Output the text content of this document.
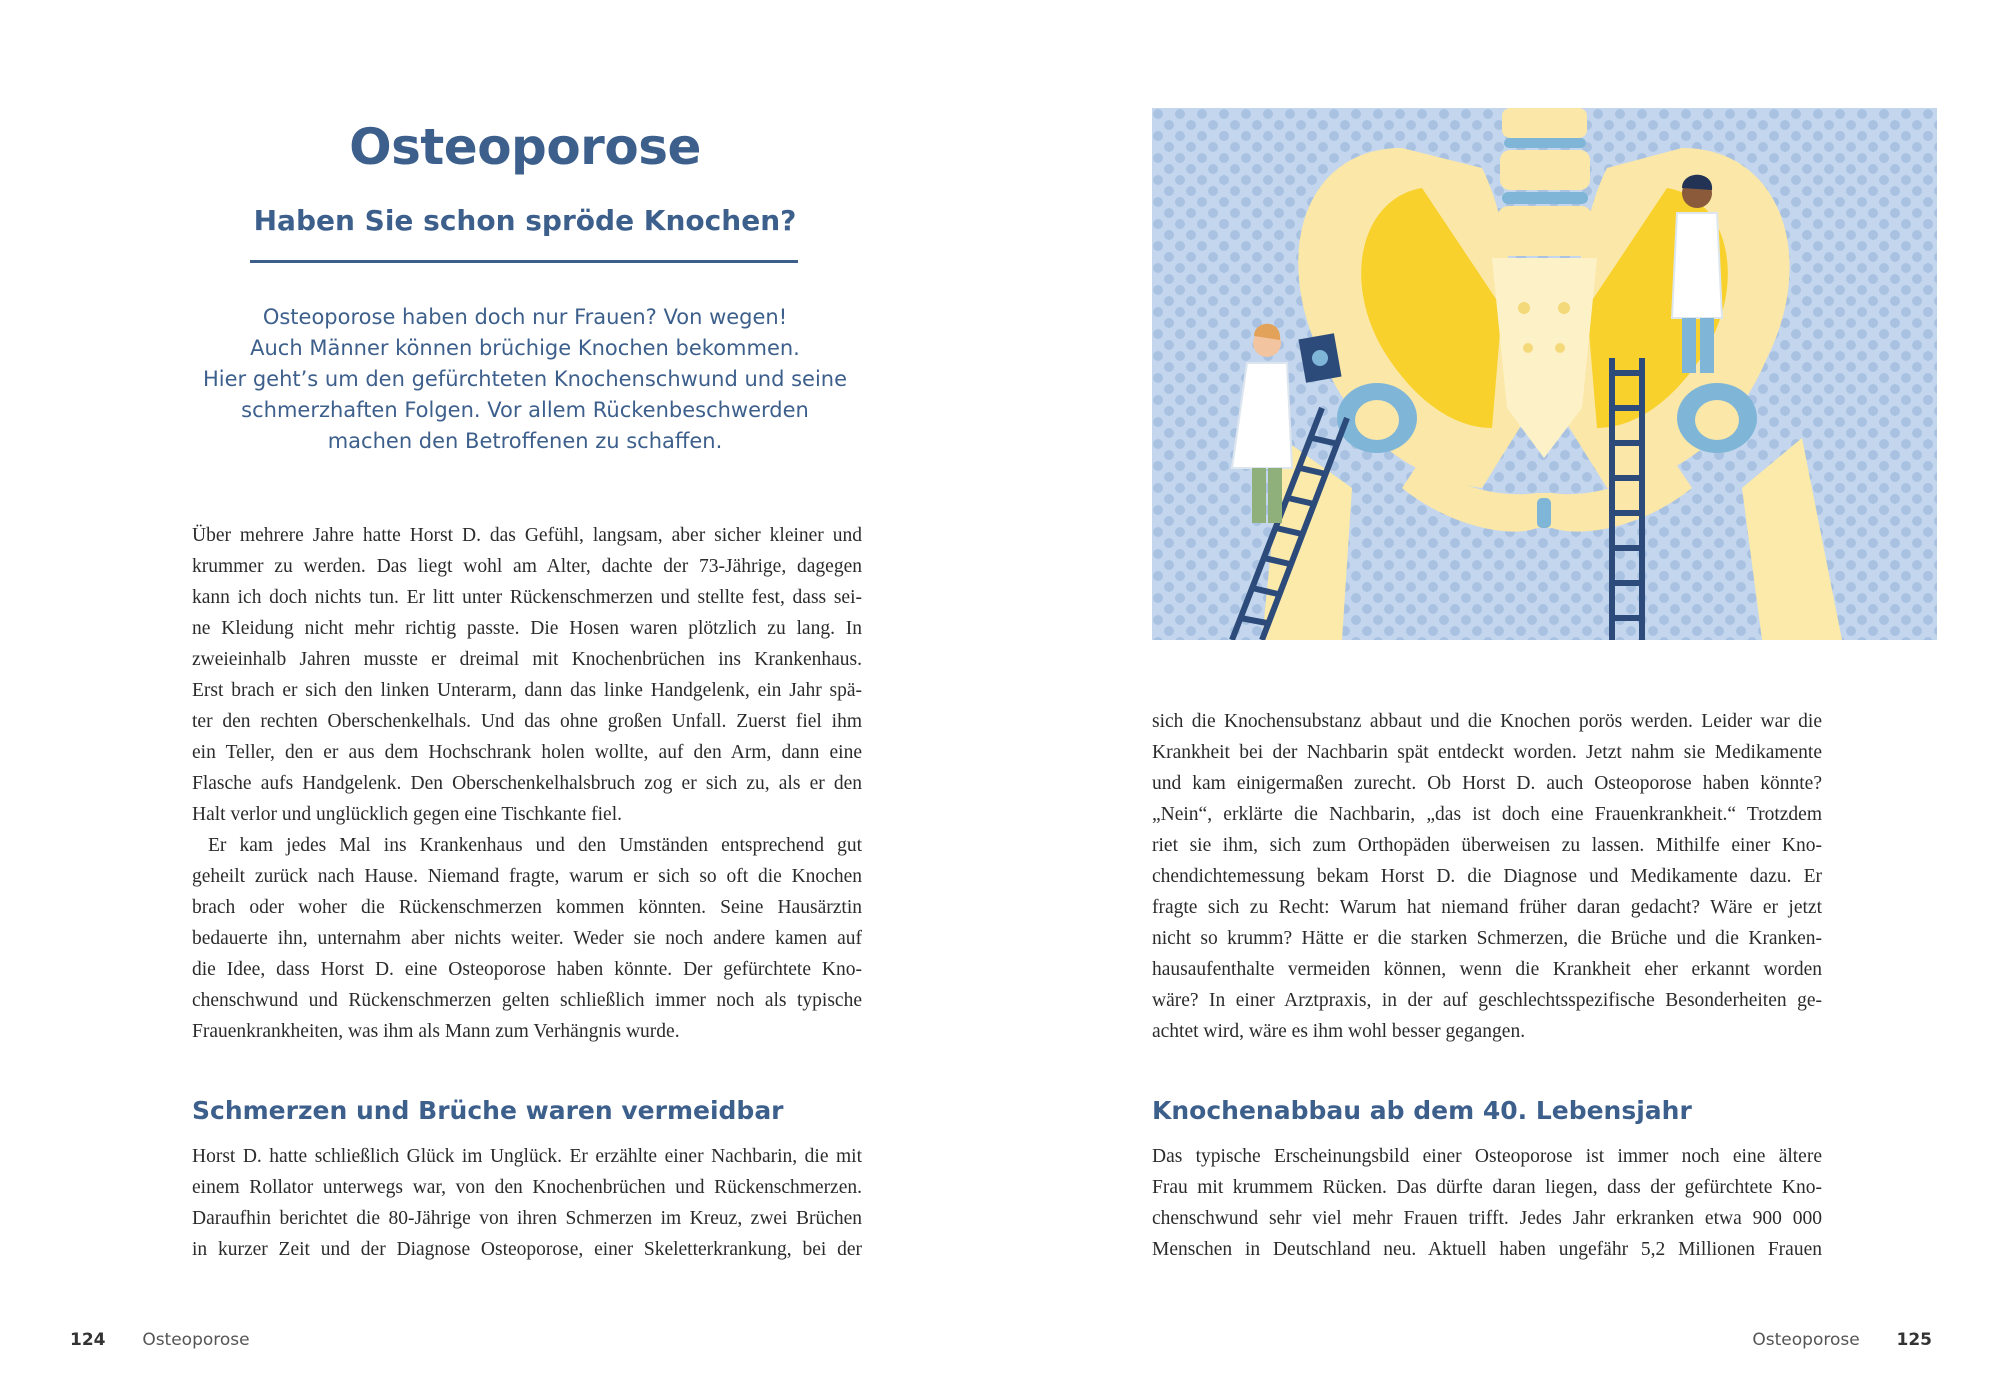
Osteoporose
Haben Sie schon spröde Knochen?
Osteoporose haben doch nur Frauen? Von wegen!
Auch Männer können brüchige Knochen bekommen.
Hier geht’s um den gefürchteten Knochenschwund und seine
schmerzhaften Folgen. Vor allem Rückenbeschwerden
machen den Betroffenen zu schaffen.
Über mehrere Jahre hatte Horst D. das Gefühl, langsam, aber sicher kleiner und
krummer zu werden. Das liegt wohl am Alter, dachte der 73-Jährige, dagegen
kann ich doch nichts tun. Er litt unter Rückenschmerzen und stellte fest, dass sei-
ne Kleidung nicht mehr richtig passte. Die Hosen waren plötzlich zu lang. In
zweieinhalb Jahren musste er dreimal mit Knochenbrüchen ins Krankenhaus.
Erst brach er sich den linken Unterarm, dann das linke Handgelenk, ein Jahr spä-
ter den rechten Oberschenkelhals. Und das ohne großen Unfall. Zuerst fiel ihm
ein Teller, den er aus dem Hochschrank holen wollte, auf den Arm, dann eine
Flasche aufs Handgelenk. Den Oberschenkelhalsbruch zog er sich zu, als er den
Halt verlor und unglücklich gegen eine Tischkante fiel.
Er kam jedes Mal ins Krankenhaus und den Umständen entsprechend gut
geheilt zurück nach Hause. Niemand fragte, warum er sich so oft die Knochen
brach oder woher die Rückenschmerzen kommen könnten. Seine Hausärztin
bedauerte ihn, unternahm aber nichts weiter. Weder sie noch andere kamen auf
die Idee, dass Horst D. eine Osteoporose haben könnte. Der gefürchtete Kno-
chenschwund und Rückenschmerzen gelten schließlich immer noch als typische
Frauenkrankheiten, was ihm als Mann zum Verhängnis wurde.
Schmerzen und Brüche waren vermeidbar
Horst D. hatte schließlich Glück im Unglück. Er erzählte einer Nachbarin, die mit
einem Rollator unterwegs war, von den Knochenbrüchen und Rückenschmerzen.
Daraufhin berichtet die 80-Jährige von ihren Schmerzen im Kreuz, zwei Brüchen
in kurzer Zeit und der Diagnose Osteoporose, einer Skeletterkrankung, bei der
124 Osteoporose
sich die Knochensubstanz abbaut und die Knochen porös werden. Leider war die
Krankheit bei der Nachbarin spät entdeckt worden. Jetzt nahm sie Medikamente
und kam einigermaßen zurecht. Ob Horst D. auch Osteoporose haben könnte?
„Nein“, erklärte die Nachbarin, „das ist doch eine Frauenkrankheit.“ Trotzdem
riet sie ihm, sich zum Orthopäden überweisen zu lassen. Mithilfe einer Kno-
chendichtemessung bekam Horst D. die Diagnose und Medikamente dazu. Er
fragte sich zu Recht: Warum hat niemand früher daran gedacht? Wäre er jetzt
nicht so krumm? Hätte er die starken Schmerzen, die Brüche und die Kranken-
hausaufenthalte vermeiden können, wenn die Krankheit eher erkannt worden
wäre? In einer Arztpraxis, in der auf geschlechtsspezifische Besonderheiten ge-
achtet wird, wäre es ihm wohl besser gegangen.
Knochenabbau ab dem 40. Lebensjahr
Das typische Erscheinungsbild einer Osteoporose ist immer noch eine ältere
Frau mit krummem Rücken. Das dürfte daran liegen, dass der gefürchtete Kno-
chenschwund sehr viel mehr Frauen trifft. Jedes Jahr erkranken etwa 900 000
Menschen in Deutschland neu. Aktuell haben ungefähr 5,2 Millionen Frauen
Osteoporose 125
